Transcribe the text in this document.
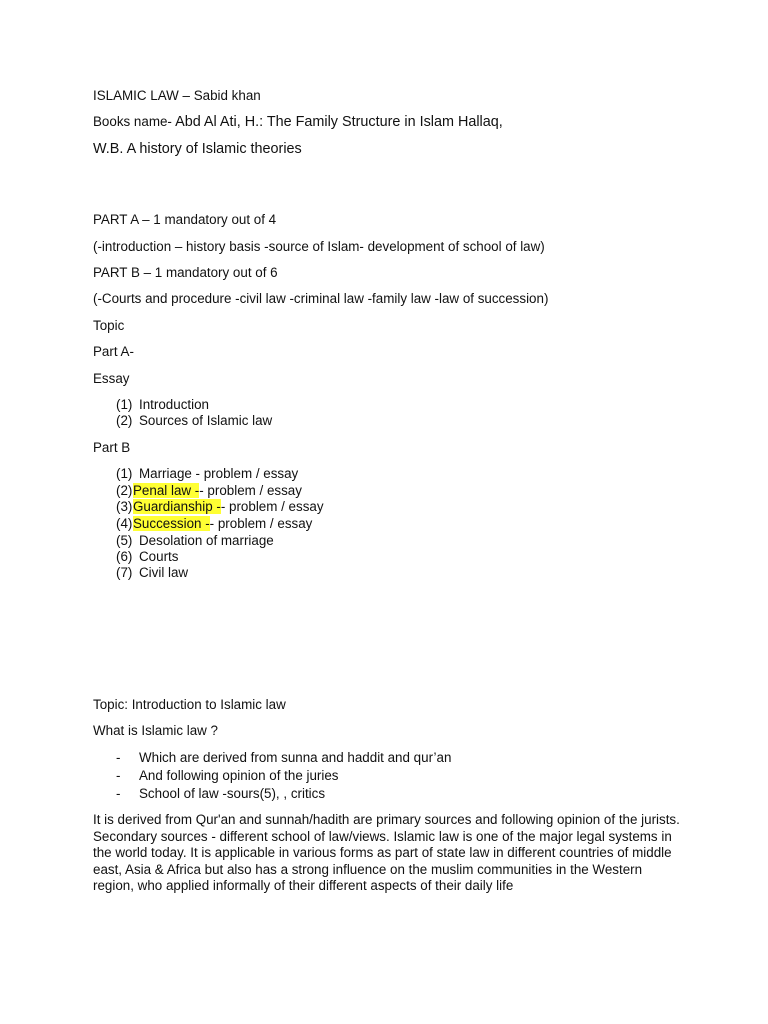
ISLAMIC LAW – Sabid khan
Books name- Abd Al Ati, H.: The Family Structure in Islam Hallaq,
W.B. A history of Islamic theories
PART A – 1 mandatory out of 4
(-introduction – history basis -source of Islam- development of school of law)
PART B – 1 mandatory out of 6
(-Courts and procedure -civil law -criminal law -family law -law of succession)
Topic
Part A-
Essay
(1) Introduction
(2) Sources of Islamic law
Part B
(1) Marriage - problem / essay
(2) Penal law -- problem / essay
(3) Guardianship -- problem / essay
(4) Succession -- problem / essay
(5) Desolation of marriage
(6) Courts
(7) Civil law
Topic: Introduction to Islamic law
What is Islamic law ?
- Which are derived from sunna and haddit and qur’an
- And following opinion of the juries
- School of law -sours(5), , critics
It is derived from Qur'an and sunnah/hadith are primary sources and following opinion of the jurists. Secondary sources - different school of law/views. Islamic law is one of the major legal systems in the world today. It is applicable in various forms as part of state law in different countries of middle east, Asia & Africa but also has a strong influence on the muslim communities in the Western region, who applied informally of their different aspects of their daily life
